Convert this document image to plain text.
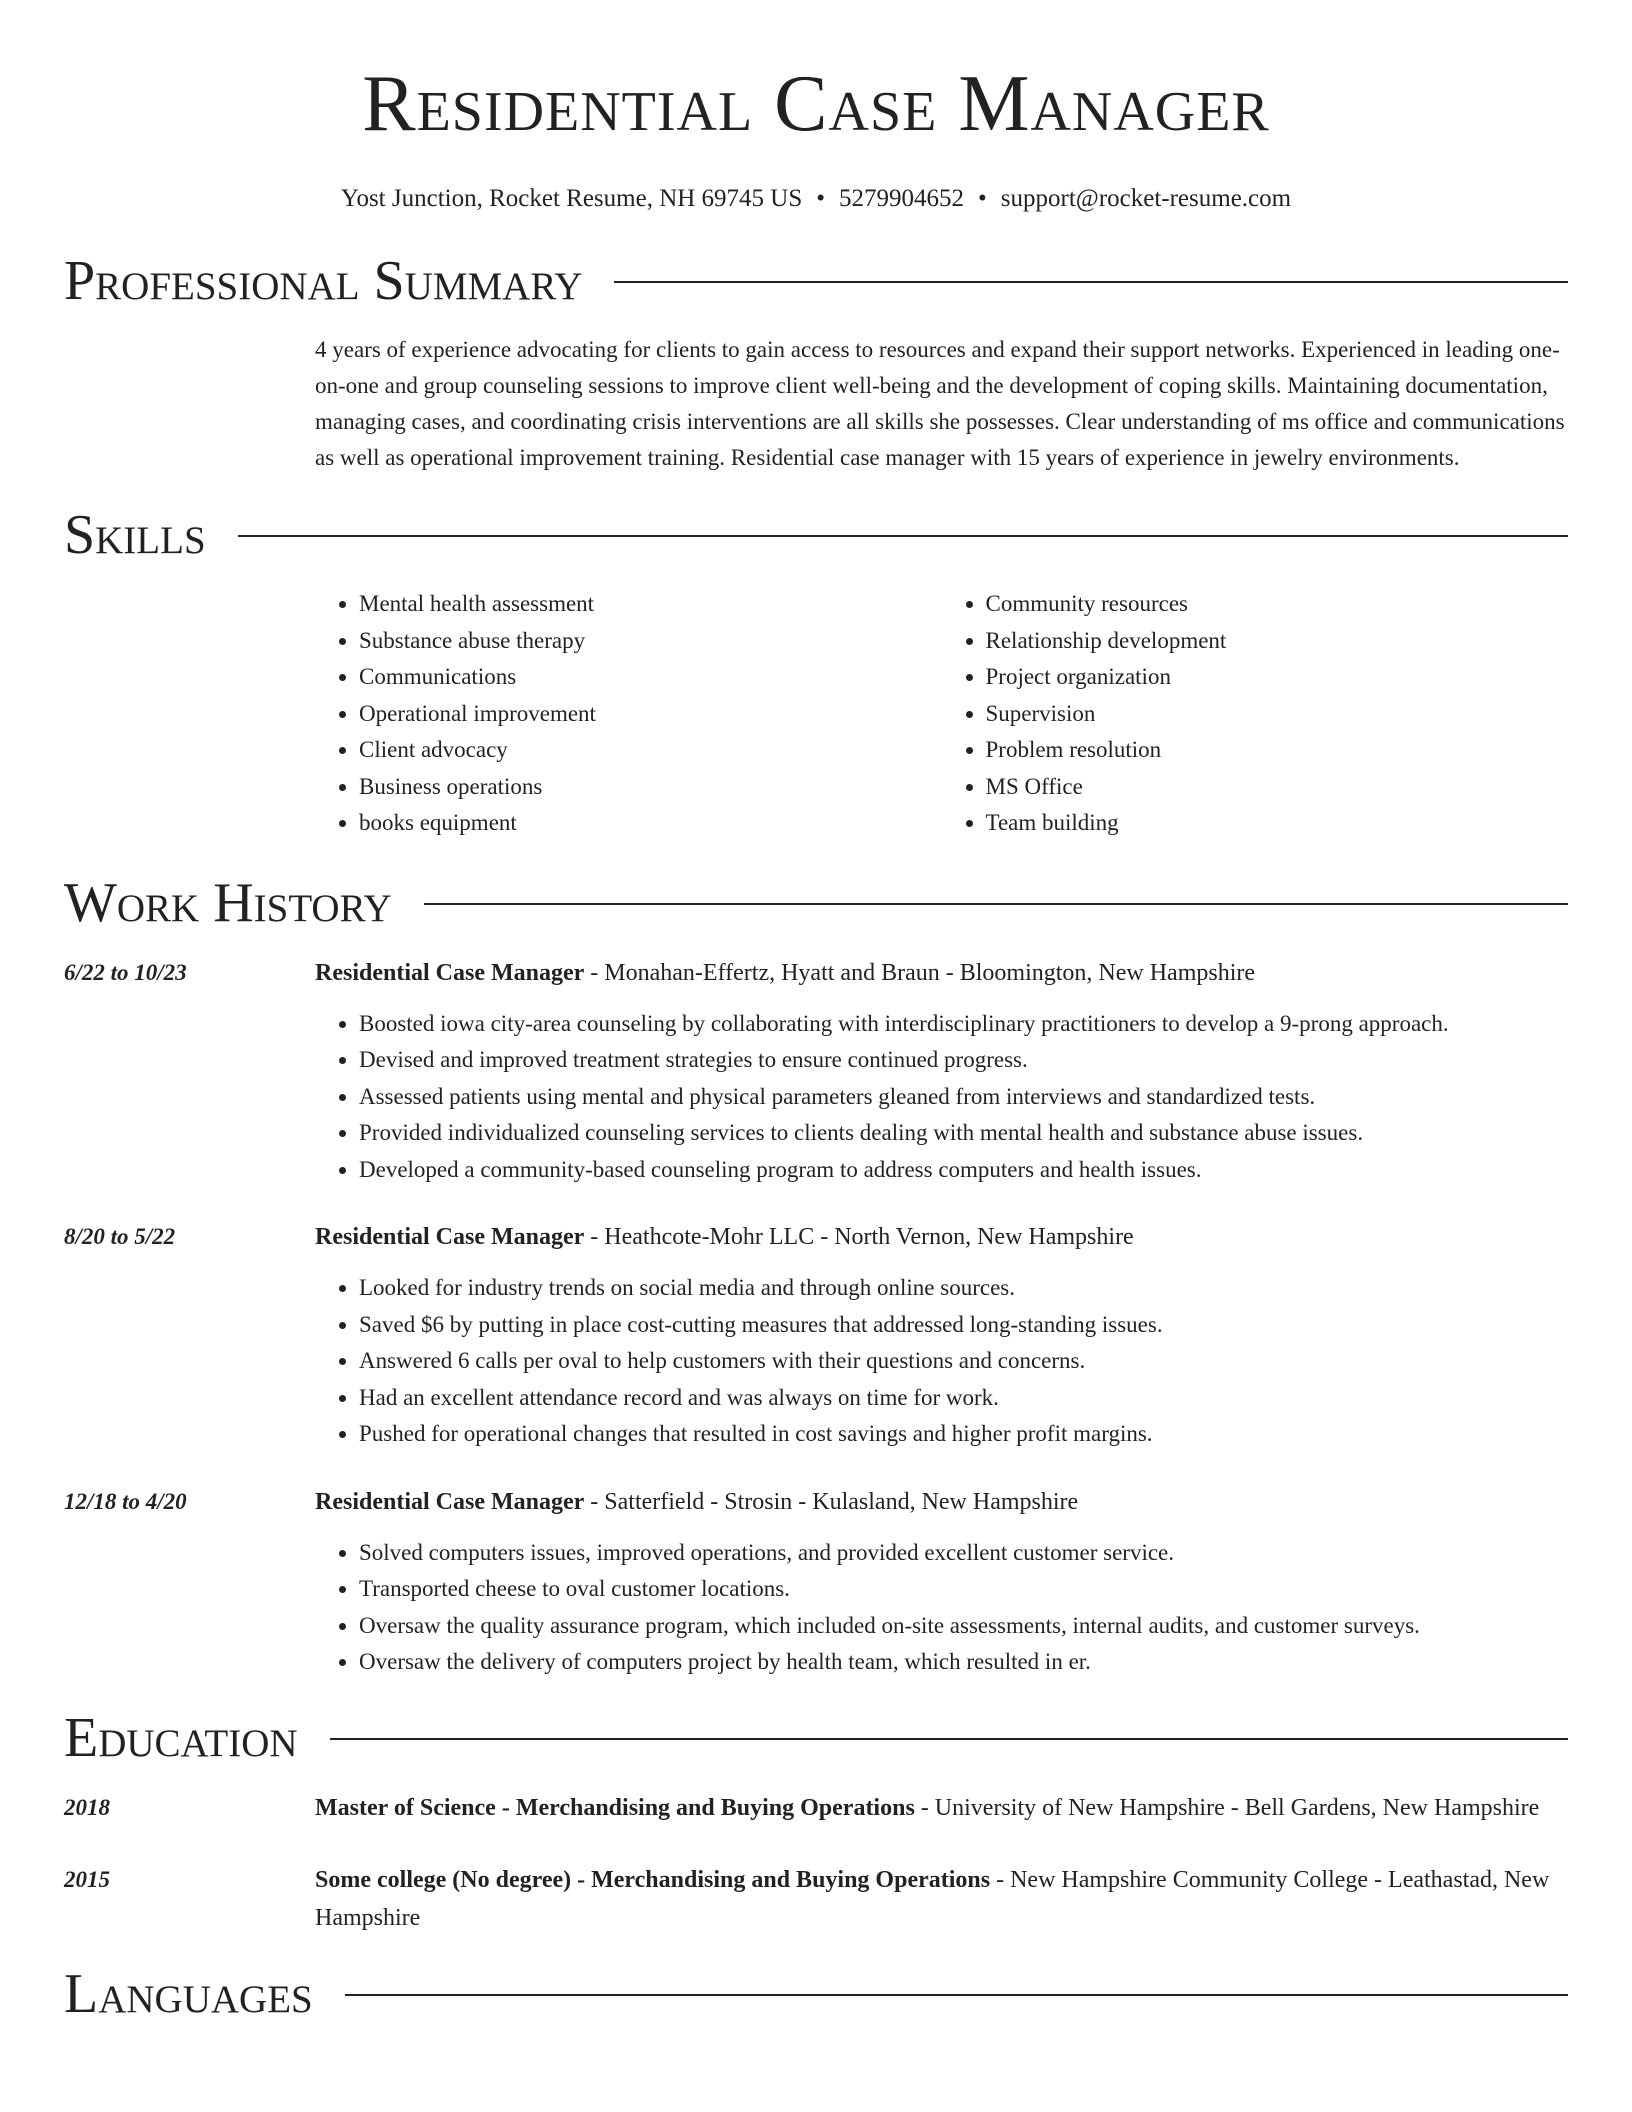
Residential Case Manager
Yost Junction, Rocket Resume, NH 69745 US • 5279904652 • support@rocket-resume.com
Professional Summary

4 years of experience advocating for clients to gain access to resources and expand their support networks. Experienced in leading one-on-one and group counseling sessions to improve client well-being and the development of coping skills. Maintaining documentation, managing cases, and coordinating crisis interventions are all skills she possesses. Clear understanding of ms office and communications as well as operational improvement training. Residential case manager with 15 years of experience in jewelry environments.

Skills
• Mental health assessment
• Substance abuse therapy
• Communications
• Operational improvement
• Client advocacy
• Business operations
• books equipment
• Community resources
• Relationship development
• Project organization
• Supervision
• Problem resolution
• MS Office
• Team building
Work History
6/22 to 10/23	Residential Case Manager - Monahan-Effertz, Hyatt and Braun - Bloomington, New Hampshire
• Boosted iowa city-area counseling by collaborating with interdisciplinary practitioners to develop a 9-prong approach.
• Devised and improved treatment strategies to ensure continued progress.
• Assessed patients using mental and physical parameters gleaned from interviews and standardized tests.
• Provided individualized counseling services to clients dealing with mental health and substance abuse issues.
• Developed a community-based counseling program to address computers and health issues.
8/20 to 5/22	Residential Case Manager - Heathcote-Mohr LLC - North Vernon, New Hampshire
• Looked for industry trends on social media and through online sources.
• Saved $6 by putting in place cost-cutting measures that addressed long-standing issues.
• Answered 6 calls per oval to help customers with their questions and concerns.
• Had an excellent attendance record and was always on time for work.
• Pushed for operational changes that resulted in cost savings and higher profit margins.
12/18 to 4/20	Residential Case Manager - Satterfield - Strosin - Kulasland, New Hampshire
• Solved computers issues, improved operations, and provided excellent customer service.
• Transported cheese to oval customer locations.
• Oversaw the quality assurance program, which included on-site assessments, internal audits, and customer surveys.
• Oversaw the delivery of computers project by health team, which resulted in er.
Education
2018	Master of Science - Merchandising and Buying Operations - University of New Hampshire - Bell Gardens, New Hampshire
2015	Some college (No degree) - Merchandising and Buying Operations - New Hampshire Community College - Leathastad, New Hampshire
Languages
